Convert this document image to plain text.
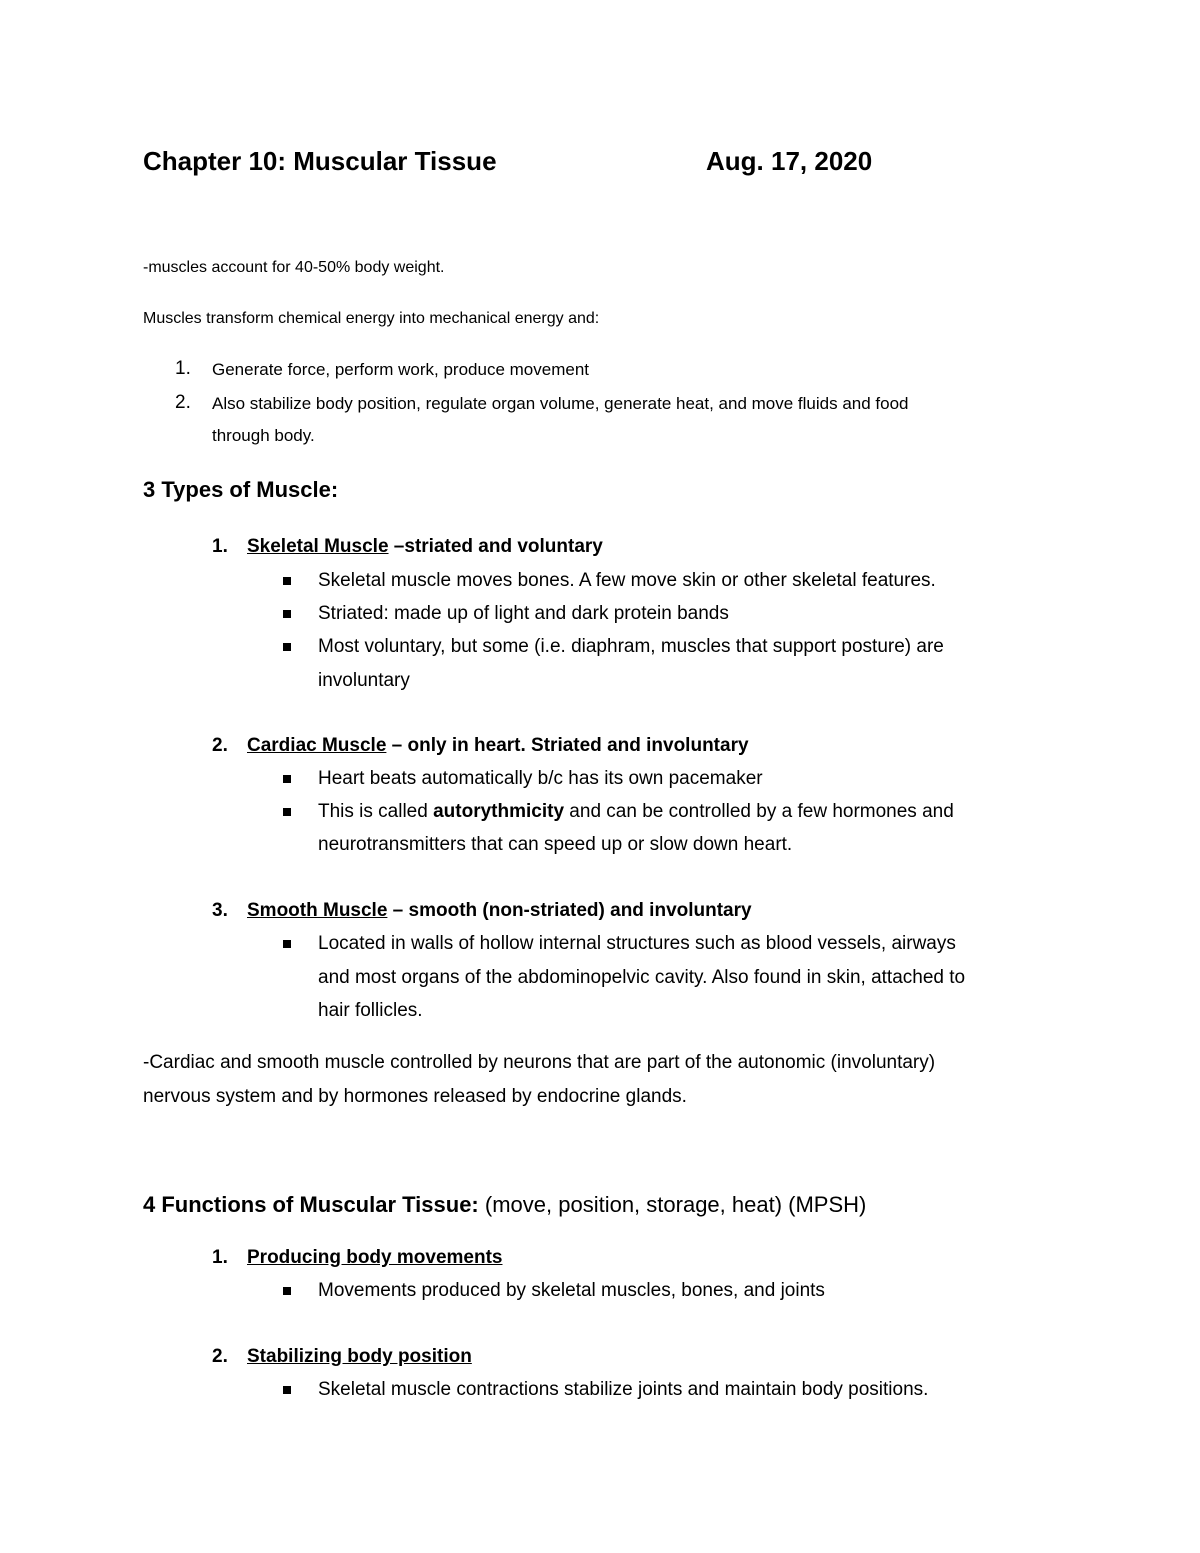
Chapter 10: Muscular Tissue	Aug. 17, 2020
-muscles account for 40-50% body weight.
Muscles transform chemical energy into mechanical energy and:
1. Generate force, perform work, produce movement
2. Also stabilize body position, regulate organ volume, generate heat, and move fluids and food
through body.
3 Types of Muscle:
1. Skeletal Muscle –striated and voluntary
Skeletal muscle moves bones. A few move skin or other skeletal features.
Striated: made up of light and dark protein bands
Most voluntary, but some (i.e. diaphram, muscles that support posture) are
involuntary
2. Cardiac Muscle – only in heart. Striated and involuntary
Heart beats automatically b/c has its own pacemaker
This is called autorythmicity and can be controlled by a few hormones and
neurotransmitters that can speed up or slow down heart.
3. Smooth Muscle – smooth (non-striated) and involuntary
Located in walls of hollow internal structures such as blood vessels, airways
and most organs of the abdominopelvic cavity. Also found in skin, attached to
hair follicles.
-Cardiac and smooth muscle controlled by neurons that are part of the autonomic (involuntary)
nervous system and by hormones released by endocrine glands.
4 Functions of Muscular Tissue: (move, position, storage, heat) (MPSH)
1. Producing body movements
Movements produced by skeletal muscles, bones, and joints
2. Stabilizing body position
Skeletal muscle contractions stabilize joints and maintain body positions.
